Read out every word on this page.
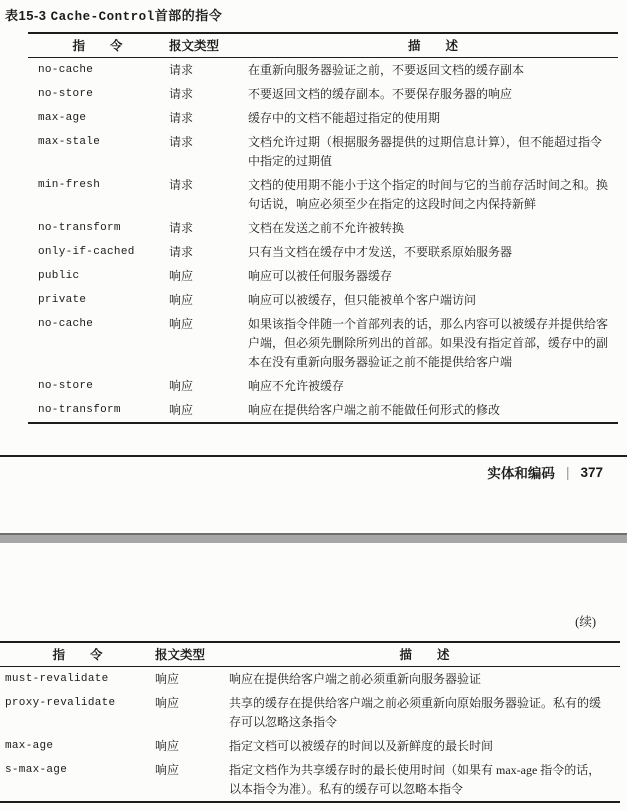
表15-3 Cache-Control首部的指令
指　　令	报文类型	描　　述
no-cache	请求	在重新向服务器验证之前，不要返回文档的缓存副本
no-store	请求	不要返回文档的缓存副本。不要保存服务器的响应
max-age	请求	缓存中的文档不能超过指定的使用期
max-stale	请求	文档允许过期（根据服务器提供的过期信息计算），但不能超过指令中指定的过期值
min-fresh	请求	文档的使用期不能小于这个指定的时间与它的当前存活时间之和。换句话说，响应必须至少在指定的这段时间之内保持新鲜
no-transform	请求	文档在发送之前不允许被转换
only-if-cached	请求	只有当文档在缓存中才发送，不要联系原始服务器
public	响应	响应可以被任何服务器缓存
private	响应	响应可以被缓存，但只能被单个客户端访问
no-cache	响应	如果该指令伴随一个首部列表的话，那么内容可以被缓存并提供给客户端，但必须先删除所列出的首部。如果没有指定首部，缓存中的副本在没有重新向服务器验证之前不能提供给客户端
no-store	响应	响应不允许被缓存
no-transform	响应	响应在提供给客户端之前不能做任何形式的修改
实体和编码 | 377
(续)
指　　令	报文类型	描　　述
must-revalidate	响应	响应在提供给客户端之前必须重新向服务器验证
proxy-revalidate	响应	共享的缓存在提供给客户端之前必须重新向原始服务器验证。私有的缓存可以忽略这条指令
max-age	响应	指定文档可以被缓存的时间以及新鲜度的最长时间
s-max-age	响应	指定文档作为共享缓存时的最长使用时间（如果有 max-age 指令的话，以本指令为准）。私有的缓存可以忽略本指令
